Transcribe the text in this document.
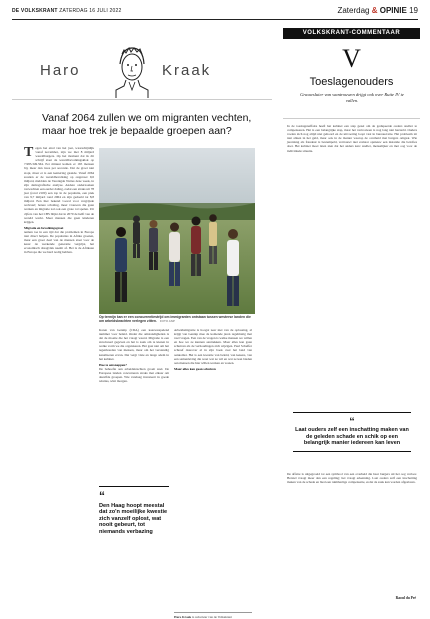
DE VOLKSKRANT ZATERDAG 16 JULI 2022	Zaterdag & OPINIE 19
Haro	Kraak
Vanaf 2064 zullen we om migranten vechten, maar hoe trek je bepaalde groepen aan?
T egen het eind van het jaar, waarschijnlijk vanaf november, zijn we met 8 miljard wereldburgers. Op het moment dat ik dit schrijf staat de wereldbevolkingsklok op 7.983.349.564. Per minuut komen er 165 mensen bij, meer dan twee per seconde. Dat de groei niet stopt, maar er is een kentering gaande. Vanaf 2064 zouden er de wereldbevolking op ongeveer 9,6 miljard, meldden de Verenigde Naties deze week, in zijn demografische analyse. Andere onderzoeken verwachten een eerder daling, zodat een straks uit 78 jaar (rond 2100) een top in de populatie, een piek van 9,7 miljard rond 2064 en zijn gedaald tot 8,8 miljard. Een hier bekend vooral voor vergrijsde welvaart; betere scholing, meer vrouwen die gaan werken en migratie zal ook een grote rol spelen. Uit cijfers van het CBS blijkt dat in 2070 de helft van de wereld werkt. Meer mensen die geen kinderen krijgen.
Migratie en bevolkingsgroei
nemen toe in een tijd dat die problemen in Europa niet direct helpen. De populaties in Afrika groeien, maar een groot deel van de mensen staat voor de keus: de werkende generatie vergrijst, het economisch draagvlak neemt af. Het is de Afrikaan in Europa die we hard nodig hebben.
Op termijn kan er een concurrentiestrijd om immigranten ontstaan tussen westerse landen die om arbeidskrachten verlegen zitten. FOTO ANP
Karen van Gennip (CDA) een kaarsonspelend nummer voor beleid. Onder die omstandigheden is dat de moeite die het vraagt waard. Migratie is een structureel gegeven en het is zaak om te kiezen in welke vorm we die organiseren. Het gaat niet om het tegenhouden van mensen, maar om het verstandig kanaliseren ervan. Dat vergt visie en lange adem in het kabinet.
Hoe te ontsnappen?
De behoefte aan arbeidskrachten groeit snel. De Europese landen concurreren straks met elkaar om dezelfde groepen. Wie vandaag investeert in goede relaties, wint morgen.
“
Den Haag hoopt meestal dat zo'n moeilijke kwestie zich vanzelf oplost, wat nooit gebeurt, tot niemands verbazing
Arbeidsmigratie is hoogst zeer niet van de oplossing, al krijgt van Gennip mee de komende jaren regelmatig met veel vragen. Een van de vragen is welke mensen we willen en hoe we ze kunnen aantrekken. Maar alles kan gaan schuiven als de verhoudingen zich wijzigen. Paul Scheffer schreef daarover al in zijn boek over het land van aankomst. Het is een kwestie van beleid, van keuzes, van een samenleving die weet wat ze wil en wat ze kan bieden aan mensen die hier willen werken en wonen.
Maar alles kan gaan schuiven
Haro Kraak is redacteur van de Volkskrant
VOLKSKRANT-COMMENTAAR
V
Toeslagenouders
Grauwsluier van wantrouwen drijgt ook over Rutte IV te vallen.
In de toeslagenaffaire heeft het kabinet een stap gezet om de gedupeerde ouders sneller te compenseren. Het is een belangrijke stap, maar het vertrouwen is nog lang niet hersteld. Ouders voelen zich nog altijd niet gehoord en de uitvoering loopt vast in bureaucratie. Het probleem zit niet alleen in het geld, maar ook in de manier waarop de overheid met burgers omgaat. Wie jarenlang als fraudeur is bestempeld, vertrouwt niet zomaar opnieuw een instantie die beloftes doet. Het kabinet moet laten zien dat het anders kan: sneller, menselijker en met oog voor de individuele situatie.
“
Laat ouders zelf een inschatting maken van de geleden schade en schik op een belangrijk manier iedereen kan leven
De affaire is uitgegroeid tot een symbool van een overheid die haar burgers uit het oog verloor. Herstel vraagt meer dan een regeling; het vraagt erkenning. Laat ouders zelf een inschatting maken van de schade en bied een ruimhartige compensatie, zodat de zaak kan worden afgesloten.
Raoul du Pré
